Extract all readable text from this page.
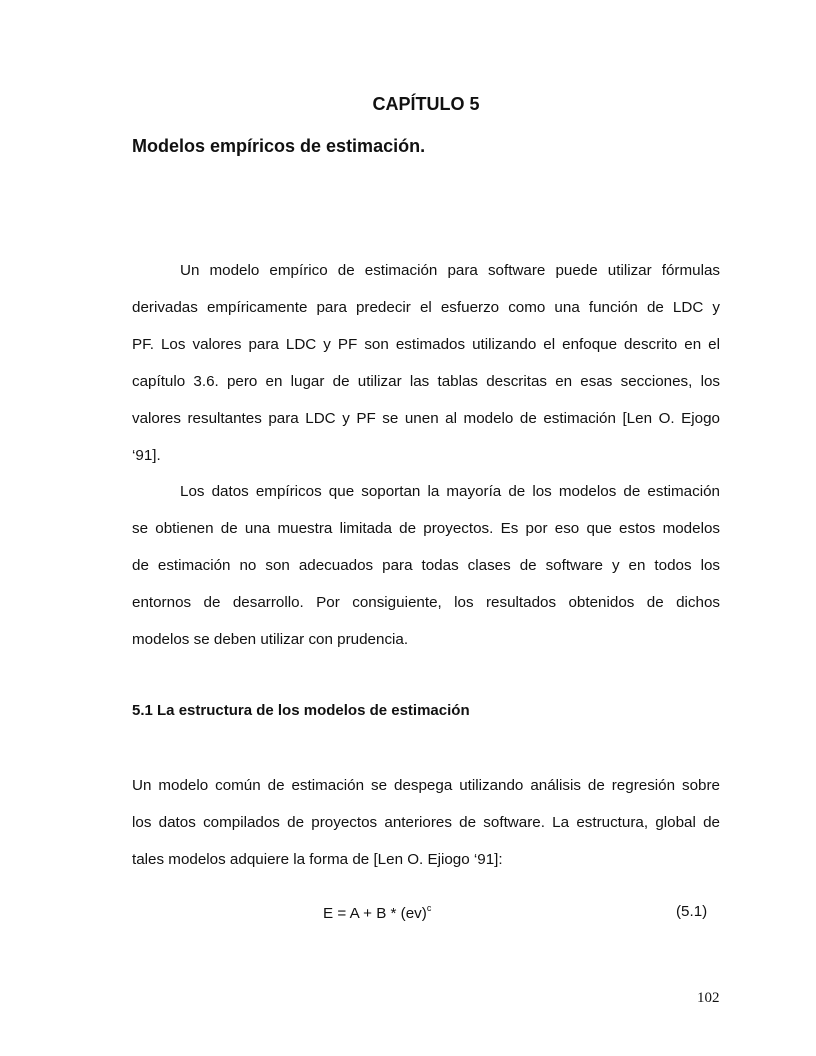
CAPÍTULO 5
Modelos empíricos de estimación.
Un modelo empírico de estimación para software puede utilizar fórmulas
derivadas empíricamente para predecir el esfuerzo como una función de LDC y
PF. Los valores para LDC y PF son estimados utilizando el enfoque descrito en el
capítulo 3.6. pero en lugar de utilizar las tablas descritas en esas secciones, los
valores resultantes para LDC y PF se unen al modelo de estimación [Len O. Ejogo
‘91].
Los datos empíricos que soportan la mayoría de los modelos de estimación
se obtienen de una muestra limitada de proyectos. Es por eso que estos modelos
de estimación no son adecuados para todas clases de software y en todos los
entornos de desarrollo. Por consiguiente, los resultados obtenidos de dichos
modelos se deben utilizar con prudencia.
5.1 La estructura de los modelos de estimación
Un modelo común de estimación se despega utilizando análisis de regresión sobre
los datos compilados de proyectos anteriores de software. La estructura, global de
tales modelos adquiere la forma de [Len O. Ejiogo ‘91]:
E = A + B * (ev)$^c$	(5.1)
102
